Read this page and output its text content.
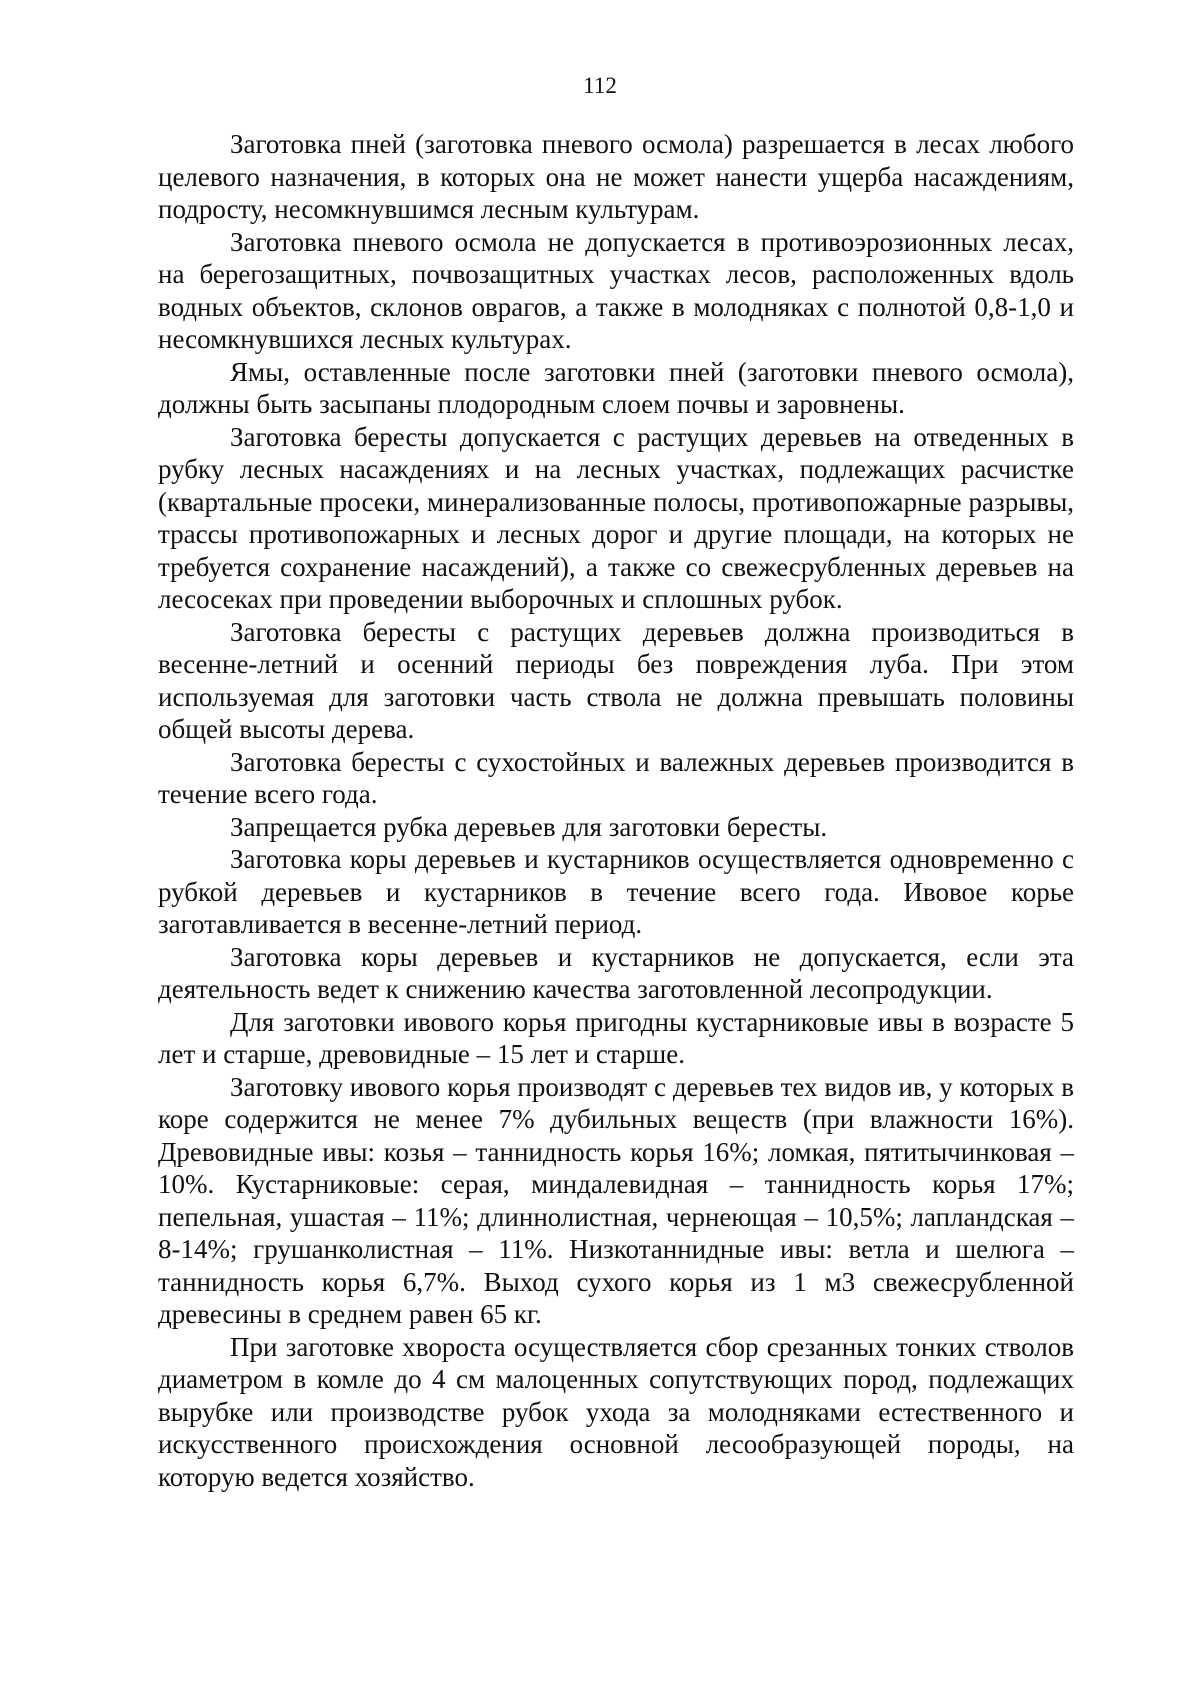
112

Заготовка пней (заготовка пневого осмола) разрешается в лесах любого целевого назначения, в которых она не может нанести ущерба насаждениям, подросту, несомкнувшимся лесным культурам.

Заготовка пневого осмола не допускается в противоэрозионных лесах, на берегозащитных, почвозащитных участках лесов, расположенных вдоль водных объектов, склонов оврагов, а также в молодняках с полнотой 0,8-1,0 и несомкнувшихся лесных культурах.

Ямы, оставленные после заготовки пней (заготовки пневого осмола), должны быть засыпаны плодородным слоем почвы и заровнены.

Заготовка бересты допускается с растущих деревьев на отведенных в рубку лесных насаждениях и на лесных участках, подлежащих расчистке (квартальные просеки, минерализованные полосы, противопожарные разрывы, трассы противопожарных и лесных дорог и другие площади, на которых не требуется сохранение насаждений), а также со свежесрубленных деревьев на лесосеках при проведении выборочных и сплошных рубок.

Заготовка бересты с растущих деревьев должна производиться в весенне-летний и осенний периоды без повреждения луба. При этом используемая для заготовки часть ствола не должна превышать половины общей высоты дерева.

Заготовка бересты с сухостойных и валежных деревьев производится в течение всего года.

Запрещается рубка деревьев для заготовки бересты.

Заготовка коры деревьев и кустарников осуществляется одновременно с рубкой деревьев и кустарников в течение всего года. Ивовое корье заготавливается в весенне-летний период.

Заготовка коры деревьев и кустарников не допускается, если эта деятельность ведет к снижению качества заготовленной лесопродукции.

Для заготовки ивового корья пригодны кустарниковые ивы в возрасте 5 лет и старше, древовидные – 15 лет и старше.

Заготовку ивового корья производят с деревьев тех видов ив, у которых в коре содержится не менее 7% дубильных веществ (при влажности 16%). Древовидные ивы: козья – таннидность корья 16%; ломкая, пятитычинковая – 10%. Кустарниковые: серая, миндалевидная – таннидность корья 17%; пепельная, ушастая – 11%; длиннолистная, чернеющая – 10,5%; лапландская – 8-14%; грушанколистная – 11%. Низкотаннидные ивы: ветла и шелюга – таннидность корья 6,7%. Выход сухого корья из 1 м3 свежесрубленной древесины в среднем равен 65 кг.

При заготовке хвороста осуществляется сбор срезанных тонких стволов диаметром в комле до 4 см малоценных сопутствующих пород, подлежащих вырубке или производстве рубок ухода за молодняками естественного и искусственного происхождения основной лесообразующей породы, на которую ведется хозяйство.
